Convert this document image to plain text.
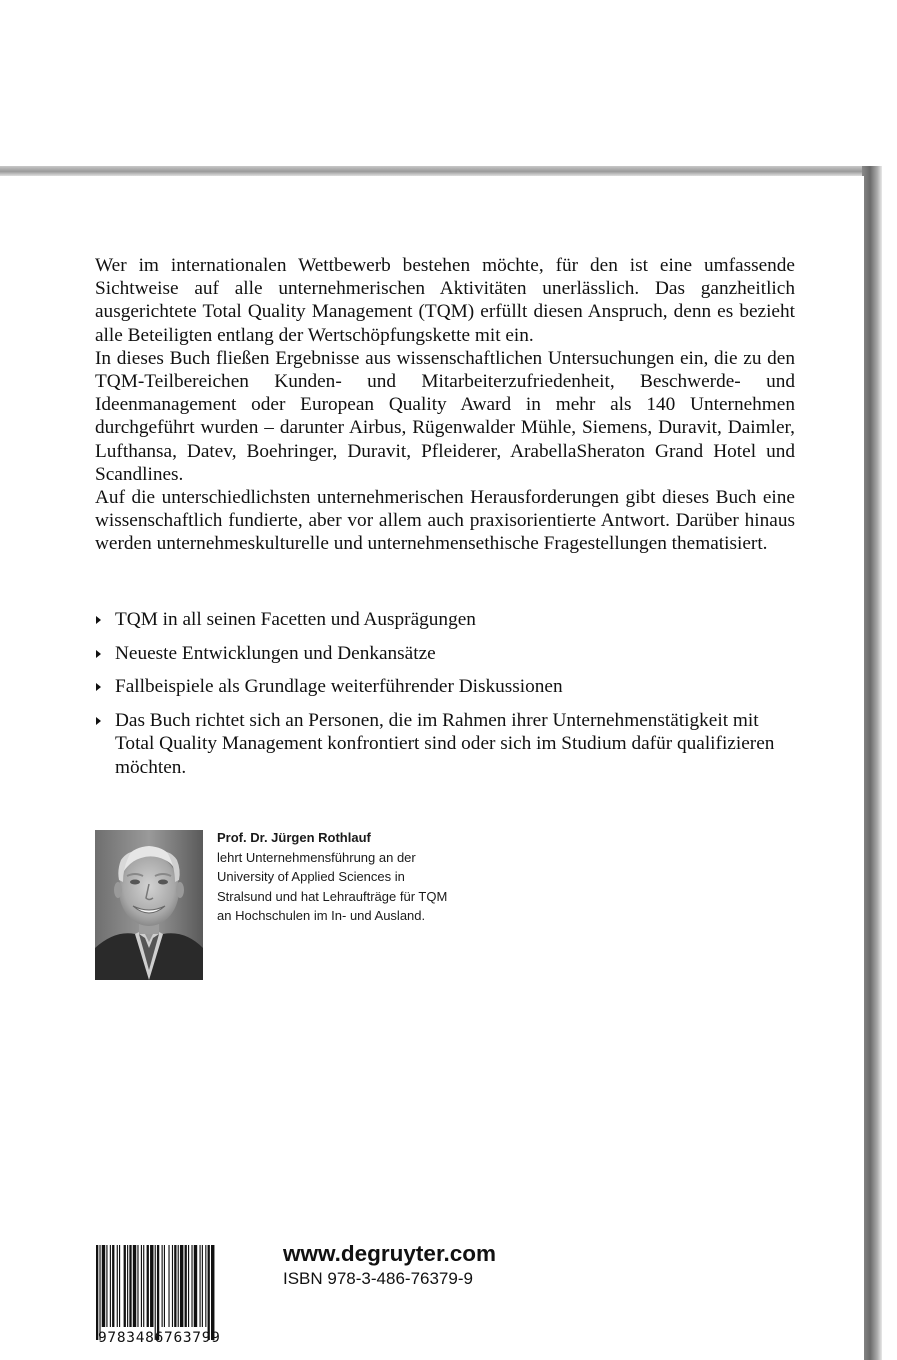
Wer im internationalen Wettbewerb bestehen möchte, für den ist eine umfassende Sichtweise auf alle unternehmerischen Aktivitäten unerlässlich. Das ganzheitlich ausgerichtete Total Quality Management (TQM) erfüllt diesen Anspruch, denn es bezieht alle Beteiligten entlang der Wertschöpfungskette mit ein.

In dieses Buch fließen Ergebnisse aus wissenschaftlichen Untersuchungen ein, die zu den TQM-Teilbereichen Kunden- und Mitarbeiterzufriedenheit, Beschwerde- und Ideenmanagement oder European Quality Award in mehr als 140 Unternehmen durchgeführt wurden – darunter Airbus, Rügenwalder Mühle, Siemens, Duravit, Daimler, Lufthansa, Datev, Boehringer, Duravit, Pfleiderer, ArabellaSheraton Grand Hotel und Scandlines.

Auf die unterschiedlichsten unternehmerischen Herausforderungen gibt dieses Buch eine wissenschaftlich fundierte, aber vor allem auch praxisorientierte Antwort. Darüber hinaus werden unternehmeskulturelle und unternehmensethische Fragestellungen thematisiert.

TQM in all seinen Facetten und Ausprägungen
Neueste Entwicklungen und Denkansätze
Fallbeispiele als Grundlage weiterführender Diskussionen
Das Buch richtet sich an Personen, die im Rahmen ihrer Unternehmenstätigkeit mit Total Quality Management konfrontiert sind oder sich im Studium dafür qualifizieren möchten.
Prof. Dr. Jürgen Rothlauf
lehrt Unternehmensführung an der University of Applied Sciences in Stralsund und hat Lehraufträge für TQM an Hochschulen im In- und Ausland.
9783486763799
www.degruyter.com
ISBN 978-3-486-76379-9
